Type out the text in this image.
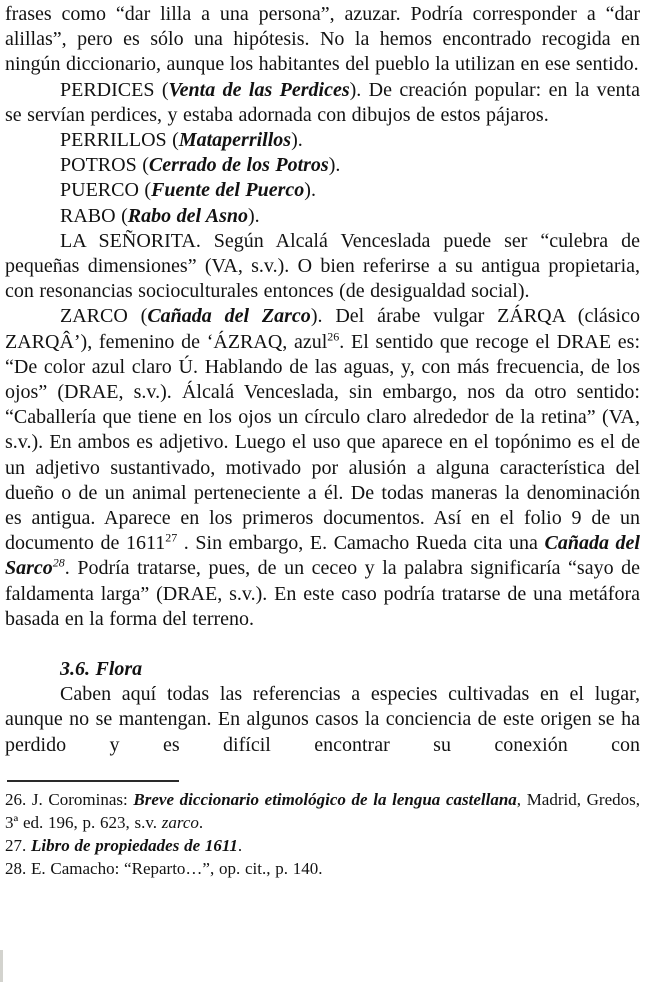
frases como “dar lilla a una persona”, azuzar. Podría corresponder a “dar alillas”, pero es sólo una hipótesis. No la hemos encontrado recogida en ningún diccionario, aunque los habitantes del pueblo la utilizan en ese sentido.

PERDICES (Venta de las Perdices). De creación popular: en la venta se servían perdices, y estaba adornada con dibujos de estos pájaros.

PERRILLOS (Mataperrillos).

POTROS (Cerrado de los Potros).

PUERCO (Fuente del Puerco).

RABO (Rabo del Asno).

LA SEÑORITA. Según Alcalá Venceslada puede ser “culebra de pequeñas dimensiones” (VA, s.v.). O bien referirse a su antigua propietaria, con resonancias socioculturales entonces (de desigualdad social).

ZARCO (Cañada del Zarco). Del árabe vulgar ZÁRQA (clásico ZARQÂ’), femenino de ‘ÁZRAQ, azul$^{26}$. El sentido que recoge el DRAE es: “De color azul claro Ú. Hablando de las aguas, y, con más frecuencia, de los ojos” (DRAE, s.v.). Álcalá Venceslada, sin embargo, nos da otro sentido: “Caballería que tiene en los ojos un círculo claro alrededor de la retina” (VA, s.v.). En ambos es adjetivo. Luego el uso que aparece en el topónimo es el de un adjetivo sustantivado, motivado por alusión a alguna característica del dueño o de un animal perteneciente a él. De todas maneras la denominación es antigua. Aparece en los primeros documentos. Así en el folio 9 de un documento de 1611$^{27}$ . Sin embargo, E. Camacho Rueda cita una Cañada del Sarco$^{28}$. Podría tratarse, pues, de un ceceo y la palabra significaría “sayo de faldamenta larga” (DRAE, s.v.). En este caso podría tratarse de una metáfora basada en la forma del terreno.

3.6. Flora

Caben aquí todas las referencias a especies cultivadas en el lugar, aunque no se mantengan. En algunos casos la conciencia de este origen se ha perdido y es difícil encontrar su conexión con

26. J. Corominas: Breve diccionario etimológico de la lengua castellana, Madrid, Gredos, 3ª ed. 196, p. 623, s.v. zarco.

27. Libro de propiedades de 1611.

28. E. Camacho: “Reparto…”, op. cit., p. 140.
